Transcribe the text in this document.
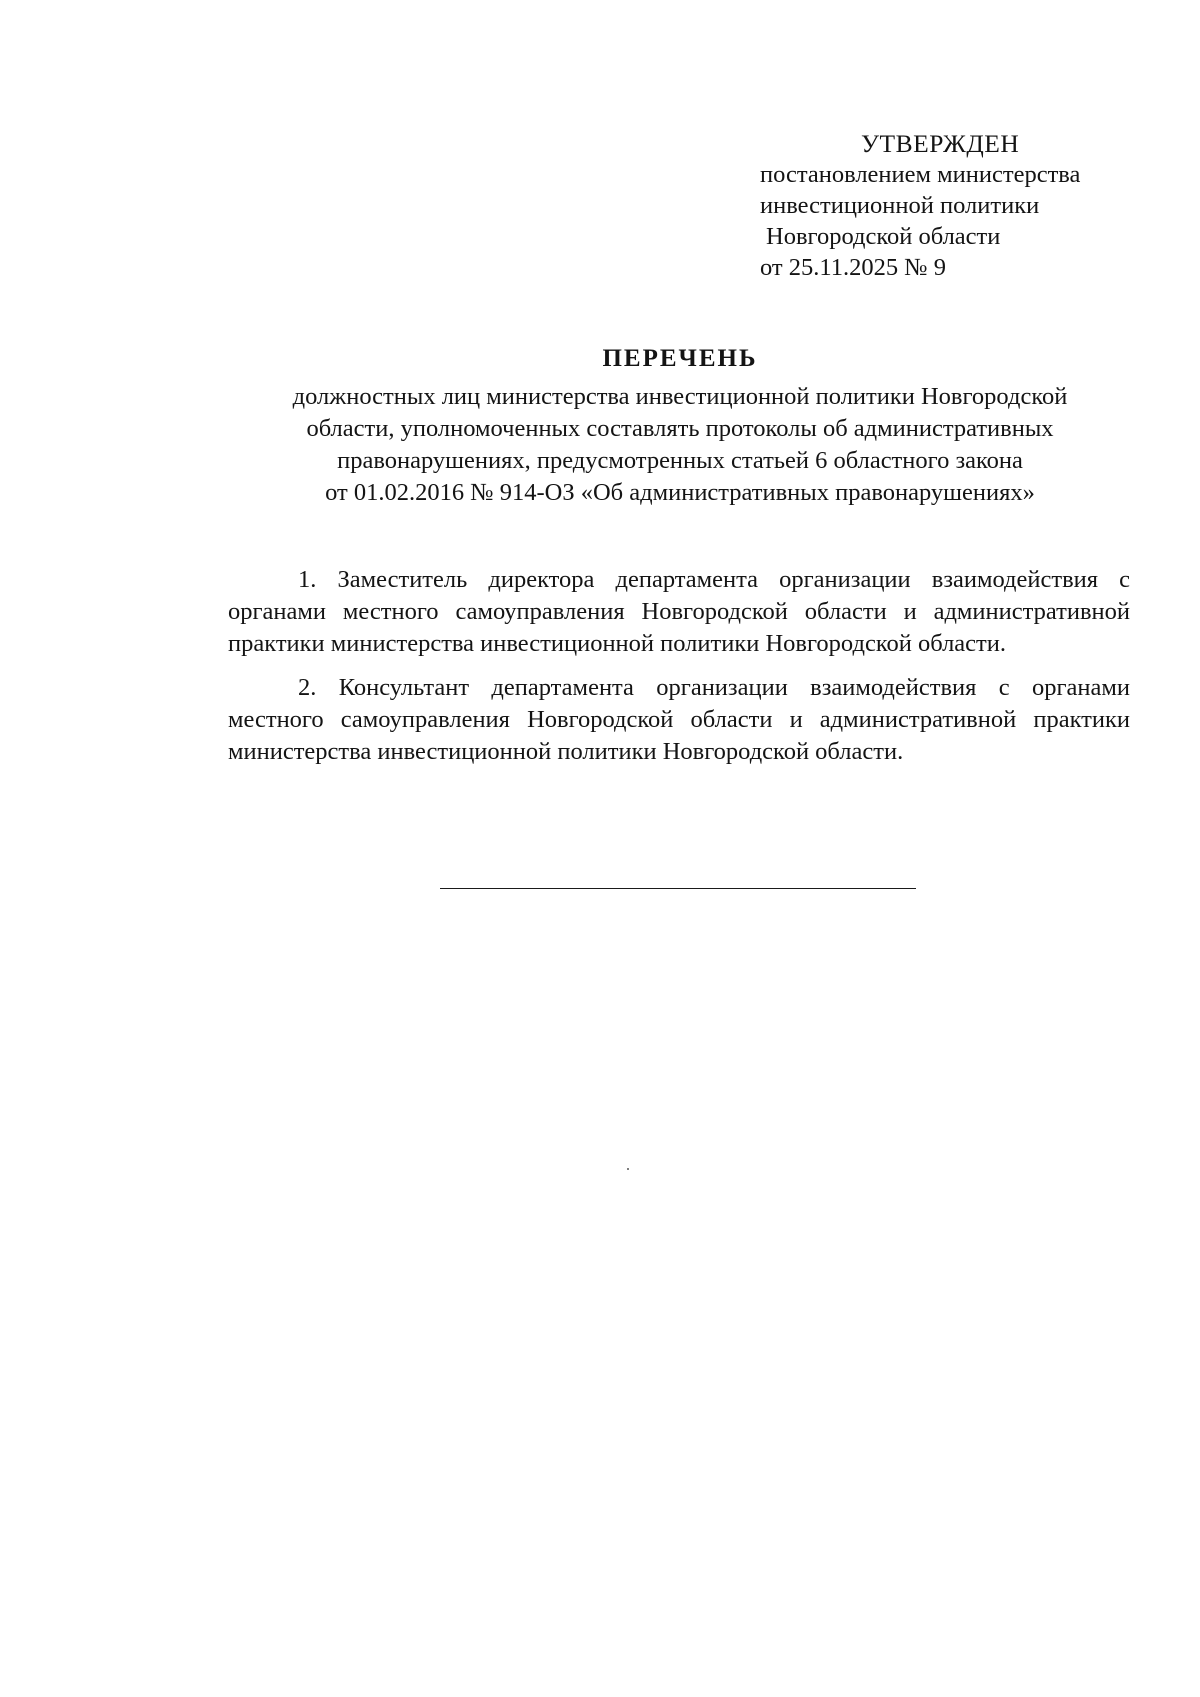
УТВЕРЖДЕН
постановлением министерства
инвестиционной политики
Новгородской области
от 25.11.2025 № 9
ПЕРЕЧЕНЬ
должностных лиц министерства инвестиционной политики Новгородской
области, уполномоченных составлять протоколы об административных
правонарушениях, предусмотренных статьей 6 областного закона
от 01.02.2016 № 914-ОЗ «Об административных правонарушениях»

1. Заместитель директора департамента организации взаимодействия с органами местного самоуправления Новгородской области и административной практики министерства инвестиционной политики Новгородской области.

2. Консультант департамента организации взаимодействия с органами местного самоуправления Новгородской области и административной практики министерства инвестиционной политики Новгородской области.
